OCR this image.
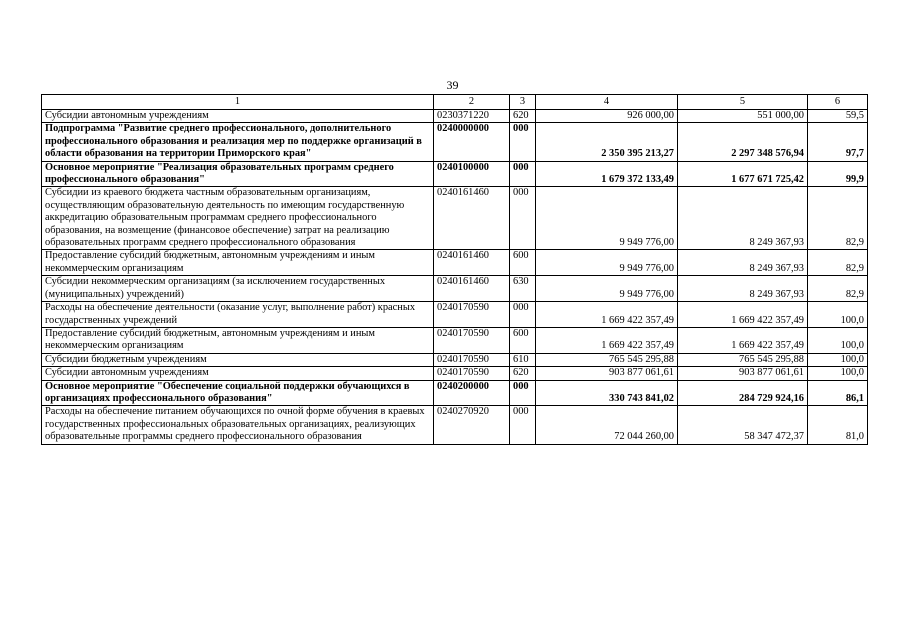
39
1	2	3	4	5	6
Субсидии автономным учреждениям	0230371220	620	926 000,00	551 000,00	59,5
Подпрограмма "Развитие среднего профессионального, дополнительного профессионального образования и реализация мер по поддержке организаций в области образования на территории Приморского края"	0240000000	000	2 350 395 213,27	2 297 348 576,94	97,7
Основное мероприятие "Реализация образовательных программ среднего профессионального образования"	0240100000	000	1 679 372 133,49	1 677 671 725,42	99,9
Субсидии из краевого бюджета частным образовательным организациям, осуществляющим образовательную деятельность по имеющим государственную аккредитацию образовательным программам среднего профессионального образования, на возмещение (финансовое обеспечение) затрат на реализацию образовательных программ среднего профессионального образования	0240161460	000	9 949 776,00	8 249 367,93	82,9
Предоставление субсидий бюджетным, автономным учреждениям и иным некоммерческим организациям	0240161460	600	9 949 776,00	8 249 367,93	82,9
Субсидии некоммерческим организациям (за исключением государственных (муниципальных) учреждений)	0240161460	630	9 949 776,00	8 249 367,93	82,9
Расходы на обеспечение деятельности (оказание услуг, выполнение работ) красных государственных учреждений	0240170590	000	1 669 422 357,49	1 669 422 357,49	100,0
Предоставление субсидий бюджетным, автономным учреждениям и иным некоммерческим организациям	0240170590	600	1 669 422 357,49	1 669 422 357,49	100,0
Субсидии бюджетным учреждениям	0240170590	610	765 545 295,88	765 545 295,88	100,0
Субсидии автономным учреждениям	0240170590	620	903 877 061,61	903 877 061,61	100,0
Основное мероприятие "Обеспечение социальной поддержки обучающихся в организациях профессионального образования"	0240200000	000	330 743 841,02	284 729 924,16	86,1
Расходы на обеспечение питанием обучающихся по очной форме обучения в краевых государственных профессиональных образовательных организациях, реализующих образовательные программы среднего профессионального образования	0240270920	000	72 044 260,00	58 347 472,37	81,0
